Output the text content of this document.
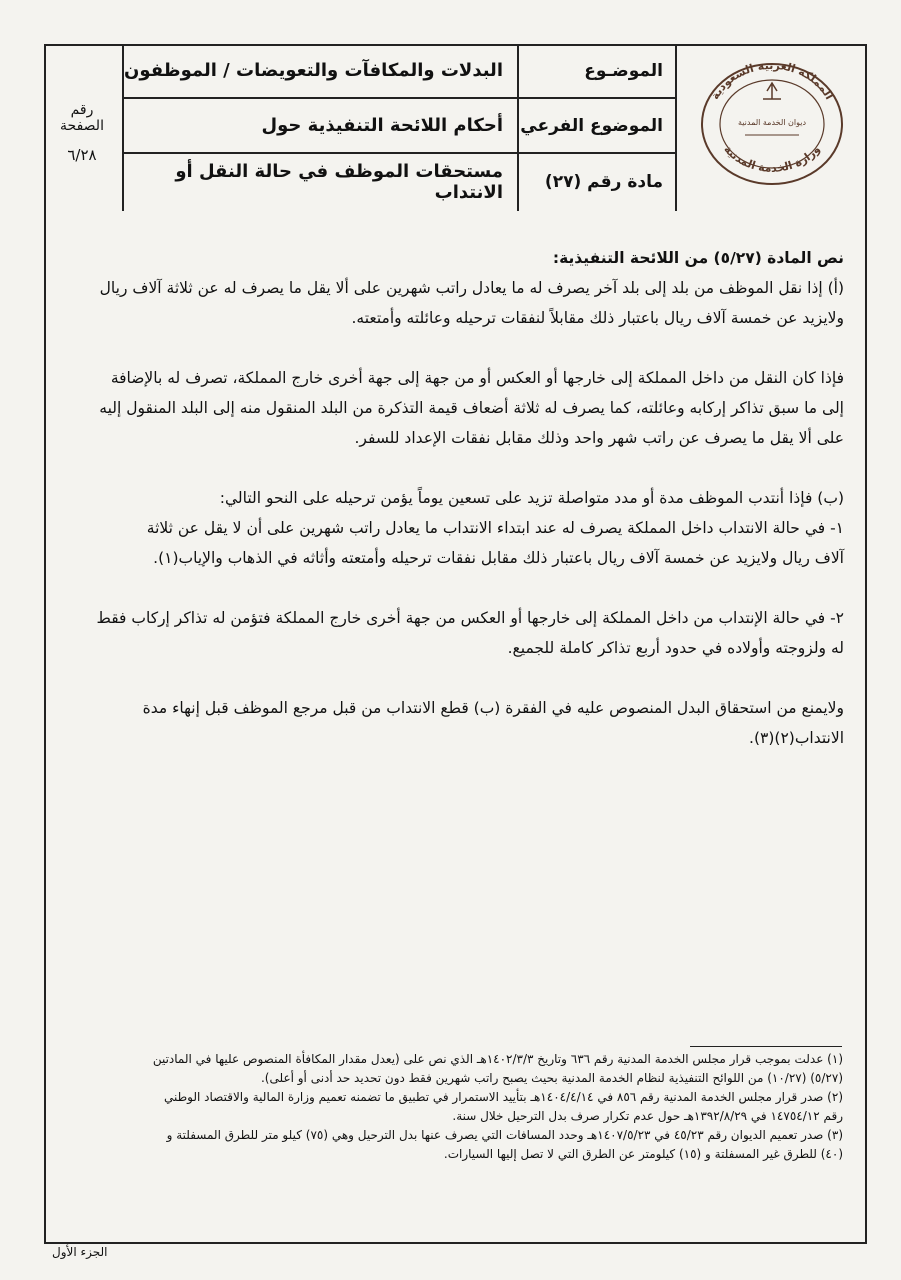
المملكة العربية السعودية
وزارة الخدمة المدنية
ديوان الخدمة المدنية
الموضـوع
الموضوع الفرعي
مادة رقم (٢٧)
البدلات والمكافآت والتعويضات / الموظفون
أحكام اللائحة التنفيذية حول
مستحقات الموظف في حالة النقل أو الانتداب
رقم
الصفحة
٦/٢٨

نص المادة (٥/٢٧) من اللائحة التنفيذية:

(أ) إذا نقل الموظف من بلد إلى بلد آخر يصرف له ما يعادل راتب شهرين على ألا يقل ما يصرف له عن ثلاثة آلاف ريال

ولايزيد عن خمسة آلاف ريال باعتبار ذلك مقابلاً لنفقات ترحيله وعائلته وأمتعته.

فإذا كان النقل من داخل المملكة إلى خارجها أو العكس أو من جهة إلى جهة أخرى خارج المملكة، تصرف له بالإضافة

إلى ما سبق تذاكر إركابه وعائلته، كما يصرف له ثلاثة أضعاف قيمة التذكرة من البلد المنقول منه إلى البلد المنقول إليه

على ألا يقل ما يصرف عن راتب شهر واحد وذلك مقابل نفقات الإعداد للسفر.

(ب) فإذا أنتدب الموظف مدة أو مدد متواصلة تزيد على تسعين يوماً يؤمن ترحيله على النحو التالي:

١- في حالة الانتداب داخل المملكة يصرف له عند ابتداء الانتداب ما يعادل راتب شهرين على أن لا يقل عن ثلاثة

آلاف ريال ولايزيد عن خمسة آلاف ريال باعتبار ذلك مقابل نفقات ترحيله وأمتعته وأثاثه في الذهاب والإياب(١).

٢- في حالة الإنتداب من داخل المملكة إلى خارجها أو العكس من جهة أخرى خارج المملكة فتؤمن له تذاكر إركاب فقط

له ولزوجته وأولاده في حدود أربع تذاكر كاملة للجميع.

ولايمنع من استحقاق البدل المنصوص عليه في الفقرة (ب) قطع الانتداب من قبل مرجع الموظف قبل إنهاء مدة

الانتداب(٢)(٣).

(١) عدلت بموجب قرار مجلس الخدمة المدنية رقم ٦٣٦ وتاريخ ١٤٠٢/٣/٣هـ الذي نص على (يعدل مقدار المكافأة المنصوص عليها في المادتين
(٥/٢٧) (١٠/٢٧) من اللوائح التنفيذية لنظام الخدمة المدنية بحيث يصبح راتب شهرين فقط دون تحديد حد أدنى أو أعلى).
(٢) صدر قرار مجلس الخدمة المدنية رقم ٨٥٦ في ١٤٠٤/٤/١٤هـ بتأييد الاستمرار في تطبيق ما تضمنه تعميم وزارة المالية والاقتصاد الوطني
رقم ١٤٧٥٤/١٢ في ١٣٩٢/٨/٢٩هـ حول عدم تكرار صرف بدل الترحيل خلال سنة.
(٣) صدر تعميم الديوان رقم ٤٥/٢٣ في ١٤٠٧/٥/٢٣هـ وحدد المسافات التي يصرف عنها بدل الترحيل وهي (٧٥) كيلو متر للطرق المسفلتة و
(٤٠) للطرق غير المسفلتة و (١٥) كيلومتر عن الطرق التي لا تصل إليها السيارات.
الجزء الأول
